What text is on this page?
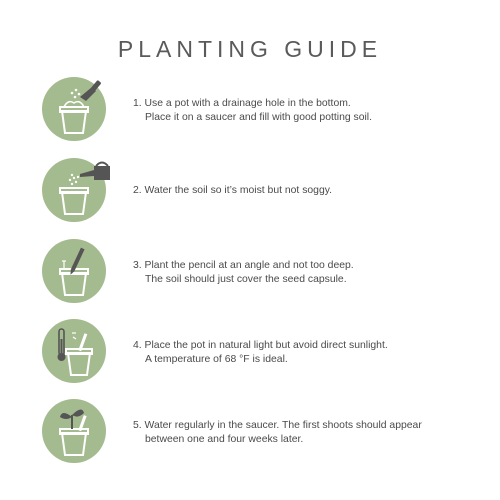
PLANTING GUIDE
1. Use a pot with a drainage hole in the bottom.
Place it on a saucer and fill with good potting soil.
2. Water the soil so it’s moist but not soggy.
3. Plant the pencil at an angle and not too deep.
The soil should just cover the seed capsule.
4. Place the pot in natural light but avoid direct sunlight.
A temperature of 68 °F is ideal.
5. Water regularly in the saucer. The first shoots should appear
between one and four weeks later.
